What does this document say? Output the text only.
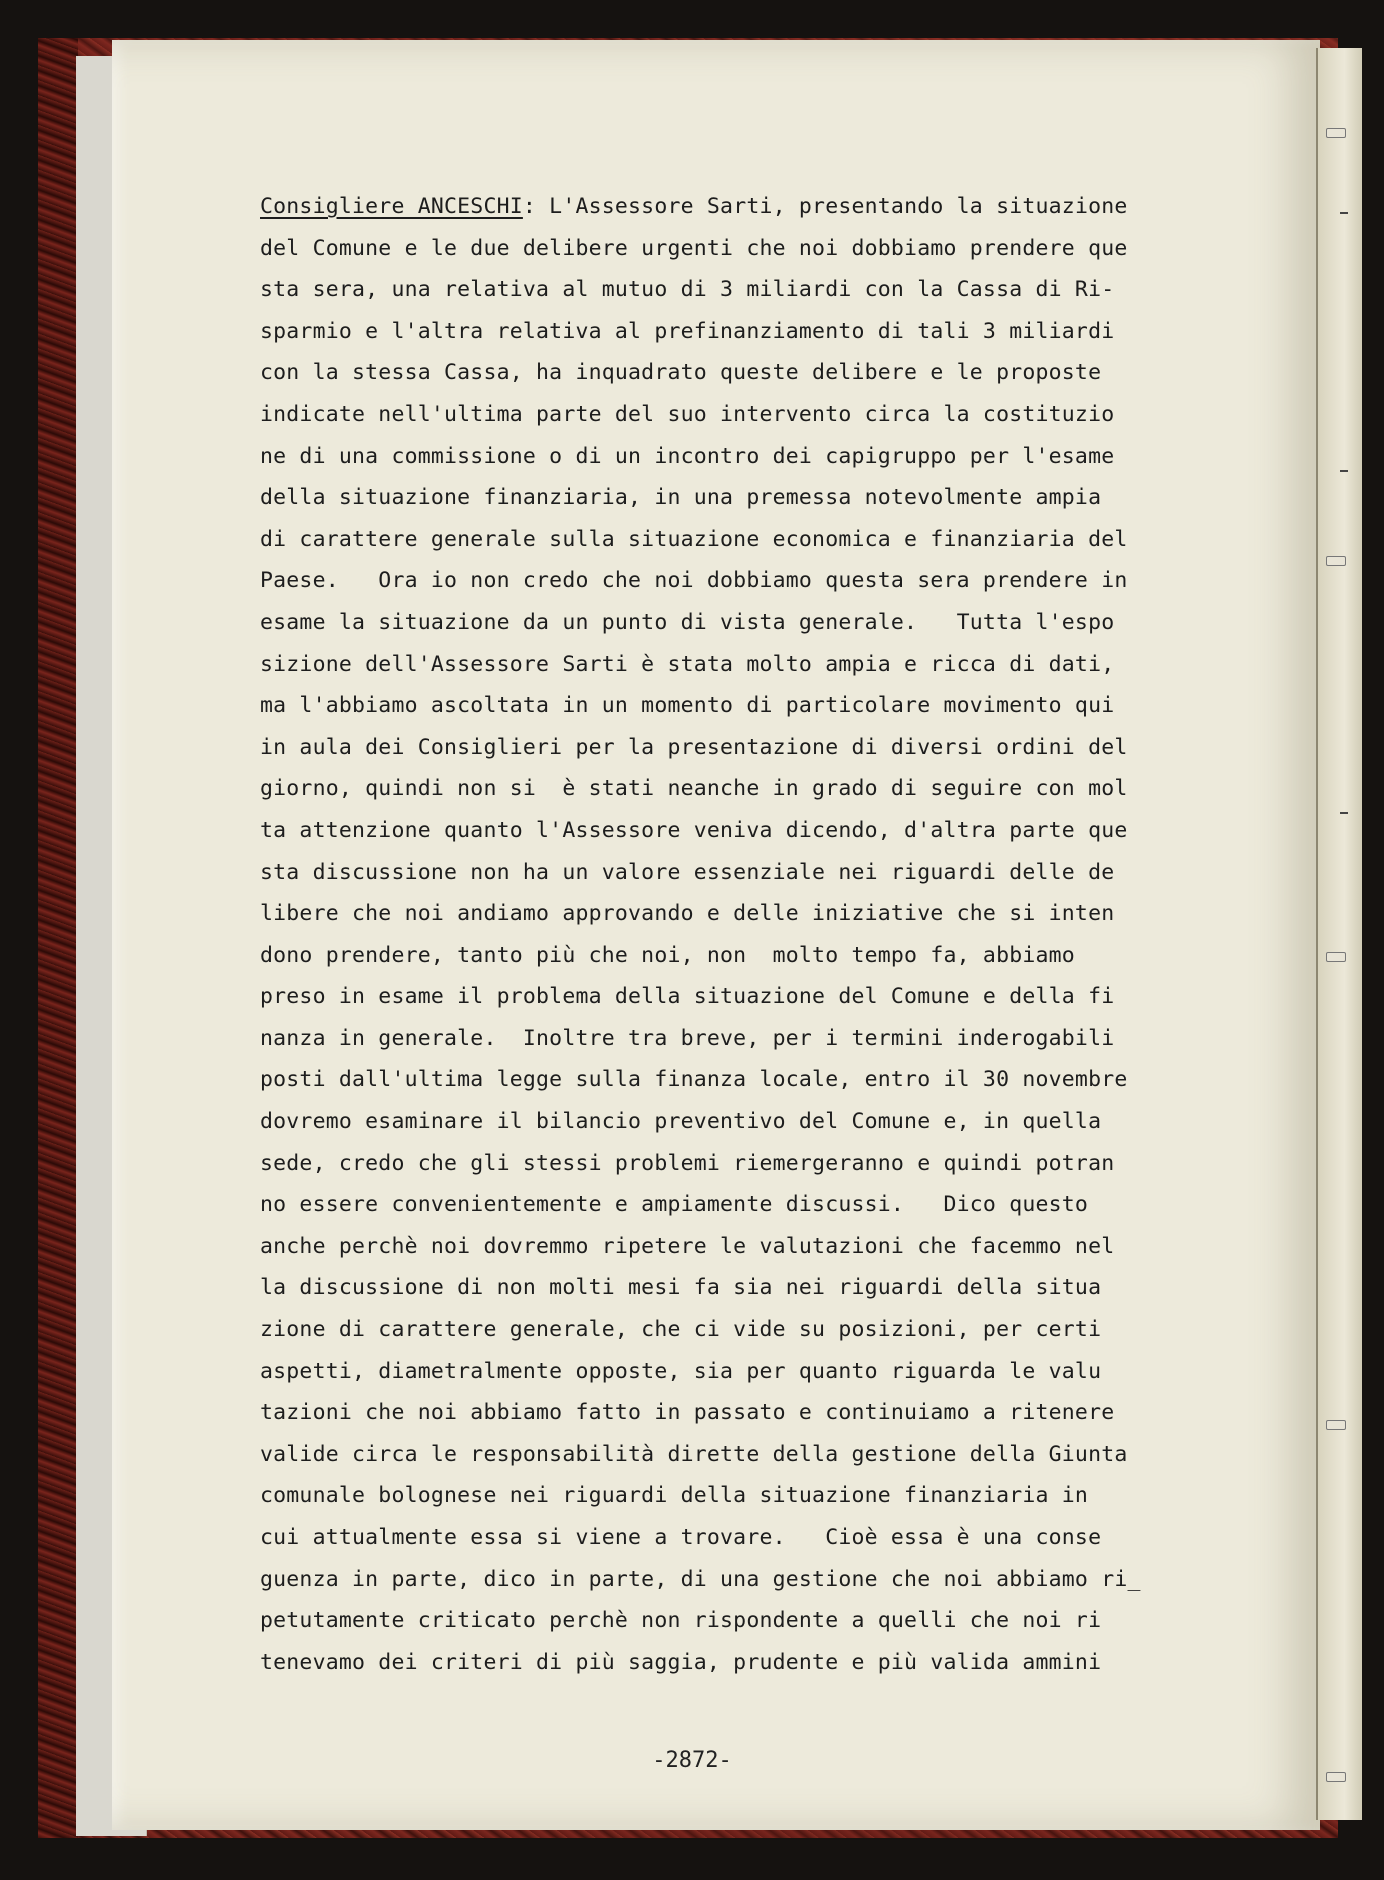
Consigliere ANCESCHI: L'Assessore Sarti, presentando la situazione
del Comune e le due delibere urgenti che noi dobbiamo prendere que
sta sera, una relativa al mutuo di 3 miliardi con la Cassa di Ri-
sparmio e l'altra relativa al prefinanziamento di tali 3 miliardi
con la stessa Cassa, ha inquadrato queste delibere e le proposte
indicate nell'ultima parte del suo intervento circa la costituzio
ne di una commissione o di un incontro dei capigruppo per l'esame
della situazione finanziaria, in una premessa notevolmente ampia
di carattere generale sulla situazione economica e finanziaria del
Paese.   Ora io non credo che noi dobbiamo questa sera prendere in
esame la situazione da un punto di vista generale.   Tutta l'espo
sizione dell'Assessore Sarti è stata molto ampia e ricca di dati,
ma l'abbiamo ascoltata in un momento di particolare movimento qui
in aula dei Consiglieri per la presentazione di diversi ordini del
giorno, quindi non si  è stati neanche in grado di seguire con mol
ta attenzione quanto l'Assessore veniva dicendo, d'altra parte que
sta discussione non ha un valore essenziale nei riguardi delle de
libere che noi andiamo approvando e delle iniziative che si inten
dono prendere, tanto più che noi, non  molto tempo fa, abbiamo
preso in esame il problema della situazione del Comune e della fi
nanza in generale.  Inoltre tra breve, per i termini inderogabili
posti dall'ultima legge sulla finanza locale, entro il 30 novembre
dovremo esaminare il bilancio preventivo del Comune e, in quella
sede, credo che gli stessi problemi riemergeranno e quindi potran
no essere convenientemente e ampiamente discussi.   Dico questo
anche perchè noi dovremmo ripetere le valutazioni che facemmo nel
la discussione di non molti mesi fa sia nei riguardi della situa
zione di carattere generale, che ci vide su posizioni, per certi
aspetti, diametralmente opposte, sia per quanto riguarda le valu
tazioni che noi abbiamo fatto in passato e continuiamo a ritenere
valide circa le responsabilità dirette della gestione della Giunta
comunale bolognese nei riguardi della situazione finanziaria in
cui attualmente essa si viene a trovare.   Cioè essa è una conse
guenza in parte, dico in parte, di una gestione che noi abbiamo ri_
petutamente criticato perchè non rispondente a quelli che noi ri
tenevamo dei criteri di più saggia, prudente e più valida ammini
-2872-
